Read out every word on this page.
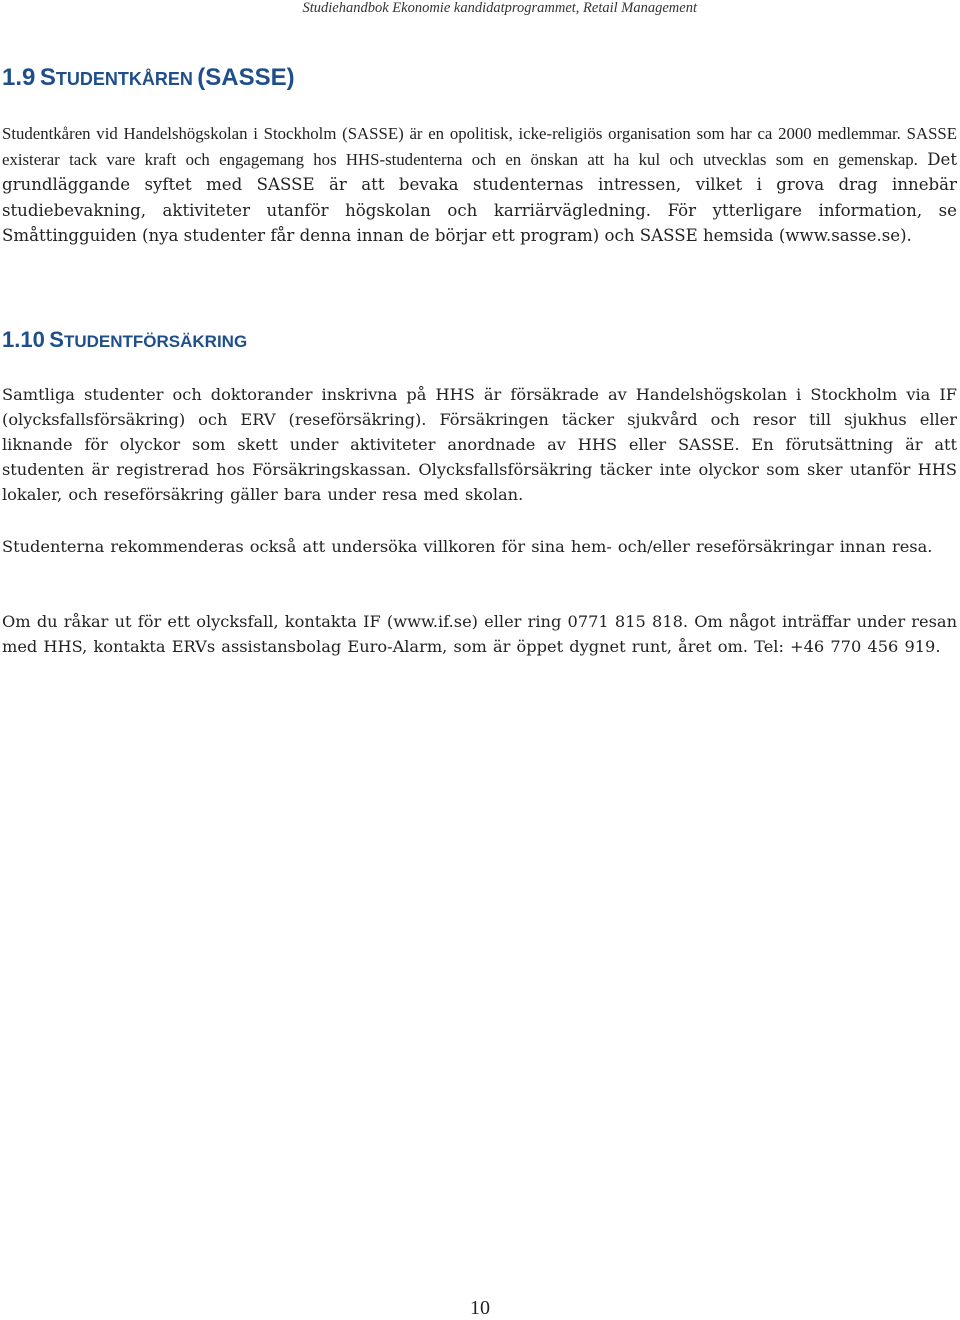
Studiehandbok Ekonomie kandidatprogrammet, Retail Management
1.9 STUDENTKÅREN (SASSE)

Studentkåren vid Handelshögskolan i Stockholm (SASSE) är en opolitisk, icke-religiös organisation som har ca 2000 medlemmar. SASSE existerar tack vare kraft och engagemang hos HHS-studenterna och en önskan att ha kul och utvecklas som en gemenskap. Det grundläggande syftet med SASSE är att bevaka studenternas intressen, vilket i grova drag innebär studiebevakning, aktiviteter utanför högskolan och karriärvägledning. För ytterligare information, se Småttingguiden (nya studenter får denna innan de börjar ett program) och SASSE hemsida (www.sasse.se).

1.10 STUDENTFÖRSÄKRING

Samtliga studenter och doktorander inskrivna på HHS är försäkrade av Handelshögskolan i Stockholm via IF (olycksfallsförsäkring) och ERV (reseförsäkring). Försäkringen täcker sjukvård och resor till sjukhus eller liknande för olyckor som skett under aktiviteter anordnade av HHS eller SASSE. En förutsättning är att studenten är registrerad hos Försäkringskassan. Olycksfallsförsäkring täcker inte olyckor som sker utanför HHS lokaler, och reseförsäkring gäller bara under resa med skolan.

Studenterna rekommenderas också att undersöka villkoren för sina hem- och/eller reseförsäkringar innan resa.

Om du råkar ut för ett olycksfall, kontakta IF (www.if.se) eller ring 0771 815 818. Om något inträffar under resan med HHS, kontakta ERVs assistansbolag Euro-Alarm, som är öppet dygnet runt, året om. Tel: +46 770 456 919.

10
